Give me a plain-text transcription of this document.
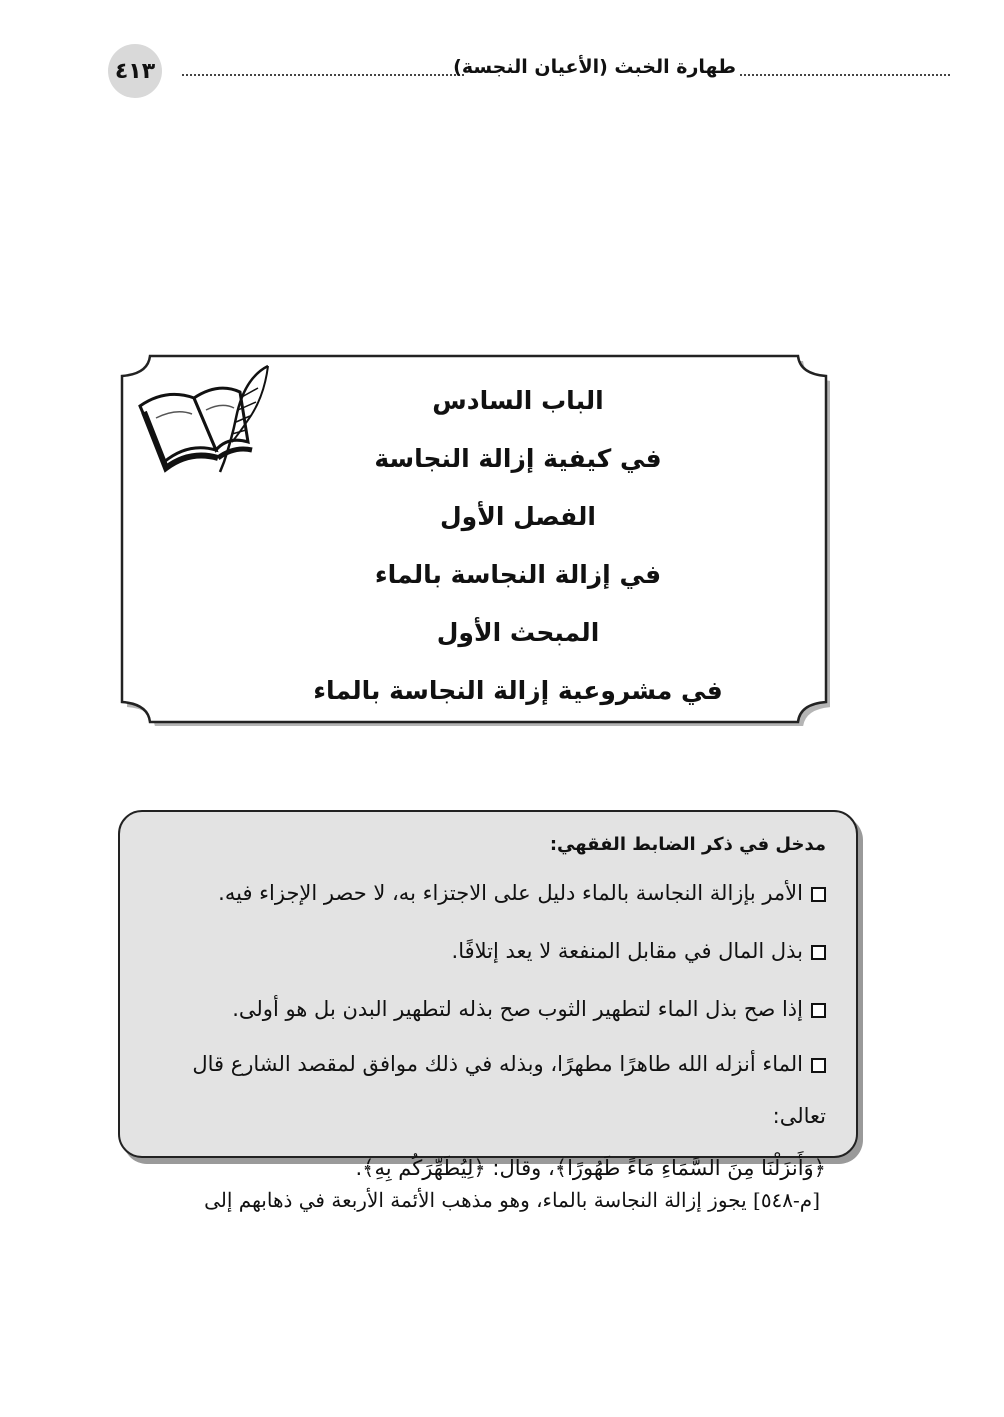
٤١٣	طهارة الخبث (الأعيان النجسة)
الباب السادس
في كيفية إزالة النجاسة
الفصل الأول
في إزالة النجاسة بالماء
المبحث الأول
في مشروعية إزالة النجاسة بالماء
مدخل في ذكر الضابط الفقهي:
الأمر بإزالة النجاسة بالماء دليل على الاجتزاء به، لا حصر الإجزاء فيه.
بذل المال في مقابل المنفعة لا يعد إتلافًا.
إذا صح بذل الماء لتطهير الثوب صح بذله لتطهير البدن بل هو أولى.
الماء أنزله الله طاهرًا مطهرًا، وبذله في ذلك موافق لمقصد الشارع قال تعالى:
﴿وَأَنزَلْنَا مِنَ السَّمَاءِ مَاءً طَهُورًا﴾، وقال: ﴿لِيُطَهِّرَكُم بِهِ﴾.
[م-٥٤٨] يجوز إزالة النجاسة بالماء، وهو مذهب الأئمة الأربعة في ذهابهم إلى
